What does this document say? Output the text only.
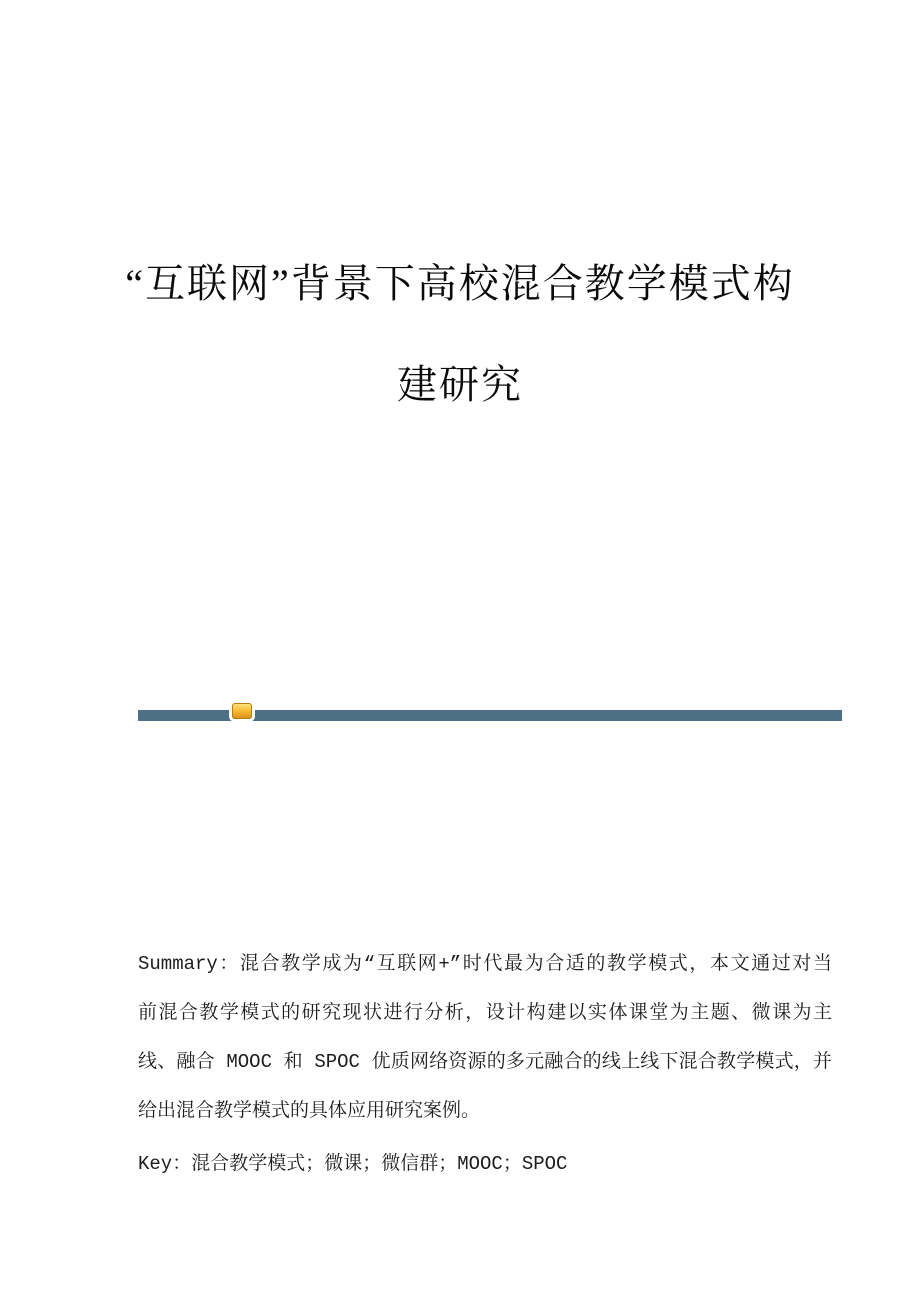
“互联网”背景下高校混合教学模式构
建研究
Summary：混合教学成为“互联网+”时代最为合适的教学模式，本文通过对当
前混合教学模式的研究现状进行分析，设计构建以实体课堂为主题、微课为主
线、融合 MOOC 和 SPOC 优质网络资源的多元融合的线上线下混合教学模式，并
给出混合教学模式的具体应用研究案例。
Key：混合教学模式；微课；微信群；MOOC；SPOC
